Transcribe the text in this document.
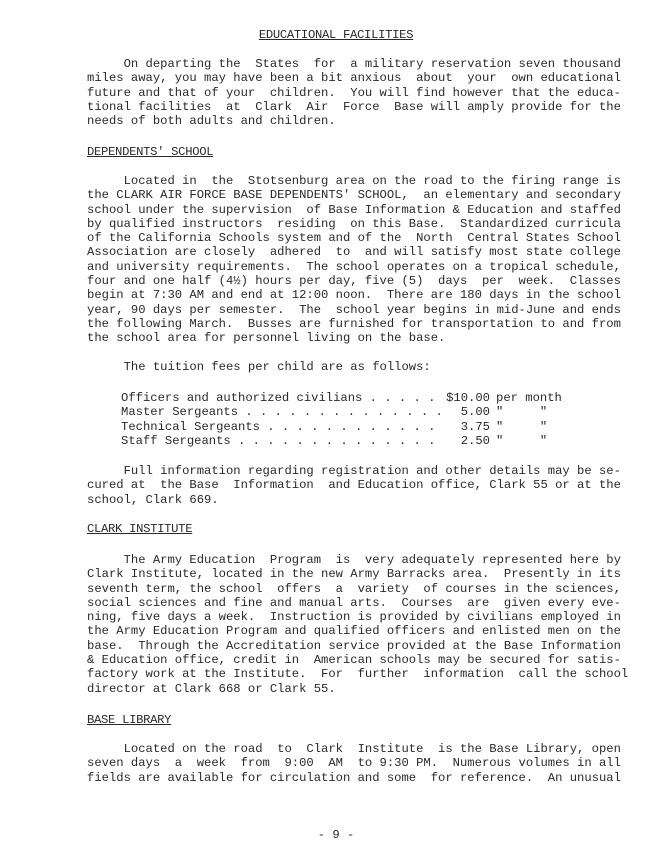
EDUCATIONAL FACILITIES
On departing the  States  for  a military reservation seven thousand
miles away, you may have been a bit anxious  about  your  own educational
future and that of your  children.  You will find however that the educa-
tional facilities  at  Clark  Air  Force  Base will amply provide for the
needs of both adults and children.
DEPENDENTS' SCHOOL
Located in  the  Stotsenburg area on the road to the firing range is
the CLARK AIR FORCE BASE DEPENDENTS' SCHOOL,  an elementary and secondary
school under the supervision  of Base Information & Education and staffed
by qualified instructors  residing  on this Base.  Standardized curricula
of the California Schools system and of the  North  Central States School
Association are closely  adhered  to  and will satisfy most state college
and university requirements.  The school operates on a tropical schedule,
four and one half (4½) hours per day, five (5)  days  per  week.  Classes
begin at 7:30 AM and end at 12:00 noon.  There are 180 days in the school
year, 90 days per semester.  The  school year begins in mid-June and ends
the following March.  Busses are furnished for transportation to and from
the school area for personnel living on the base.
The tuition fees per child are as follows:
Officers and authorized civilians . . . . . $10.00 per month
Master Sergeants . . . . . . . . . . . . . .	5.00 "     "
Technical Sergeants . . . . . . . . . . . .	3.75 "     "
Staff Sergeants . . . . . . . . . . . . . .	2.50 "     "
Full information regarding registration and other details may be se-
cured at  the Base  Information  and Education office, Clark 55 or at the
school, Clark 669.
CLARK INSTITUTE
The Army Education  Program  is  very adequately represented here by
Clark Institute, located in the new Army Barracks area.  Presently in its
seventh term, the school  offers  a  variety  of courses in the sciences,
social sciences and fine and manual arts.  Courses  are  given every eve-
ning, five days a week.  Instruction is provided by civilians employed in
the Army Education Program and qualified officers and enlisted men on the
base.  Through the Accreditation service provided at the Base Information
& Education office, credit in  American schools may be secured for satis-
factory work at the Institute.  For  further  information  call the school
director at Clark 668 or Clark 55.
BASE LIBRARY
Located on the road  to  Clark  Institute  is the Base Library, open
seven days  a  week  from  9:00  AM  to 9:30 PM.  Numerous volumes in all
fields are available for circulation and some  for reference.  An unusual
- 9 -
